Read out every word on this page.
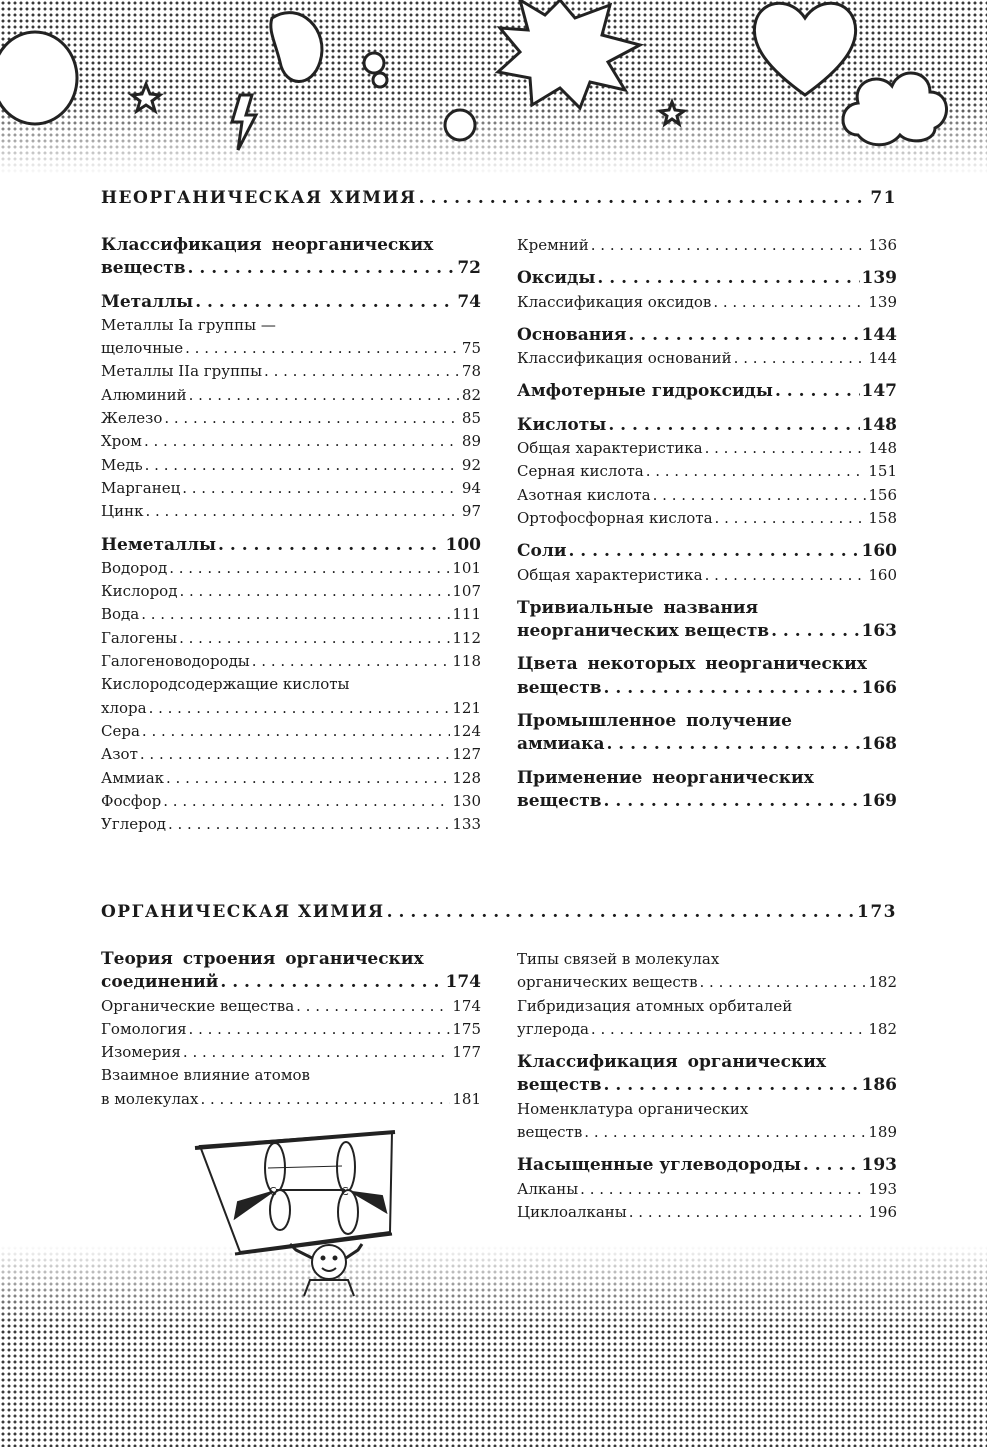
НЕОРГАНИЧЕСКАЯ ХИМИЯ . . .	71
Классификация неорганических
веществ . . .	72
Металлы . . .	74
Металлы Ia группы —
щелочные . . .	75
Металлы IIa группы . . .	78
Алюминий . . .	82
Железо . . .	85
Хром . . .	89
Медь . . .	92
Марганец . . .	94
Цинк . . .	97
Неметаллы . . .	100
Водород . . .	101
Кислород . . .	107
Вода . . .	111
Галогены . . .	112
Галогеноводороды . . .	118
Кислородсодержащие кислоты
хлора . . .	121
Сера . . .	124
Азот . . .	127
Аммиак . . .	128
Фосфор . . .	130
Углерод . . .	133
Кремний . . .	136
Оксиды . . .	139
Классификация оксидов . . .	139
Основания . . .	144
Классификация оснований . . .	144
Амфотерные гидроксиды . . .	147
Кислоты . . .	148
Общая характеристика . . .	148
Серная кислота . . .	151
Азотная кислота . . .	156
Ортофосфорная кислота . . .	158
Соли . . .	160
Общая характеристика . . .	160
Тривиальные названия
неорганических веществ . . .	163
Цвета некоторых неорганических
веществ . . .	166
Промышленное получение
аммиака . . .	168
Применение неорганических
веществ . . .	169
ОРГАНИЧЕСКАЯ ХИМИЯ . . .	173
Теория строения органических
соединений . . .	174
Органические вещества . . .	174
Гомология . . .	175
Изомерия . . .	177
Взаимное влияние атомов
в молекулах . . .	181
C	C
Типы связей в молекулах
органических веществ . . .	182
Гибридизация атомных орбиталей
углерода . . .	182
Классификация органических
веществ . . .	186
Номенклатура органических
веществ . . .	189
Насыщенные углеводороды . . .	193
Алканы . . .	193
Циклоалканы . . .	196
